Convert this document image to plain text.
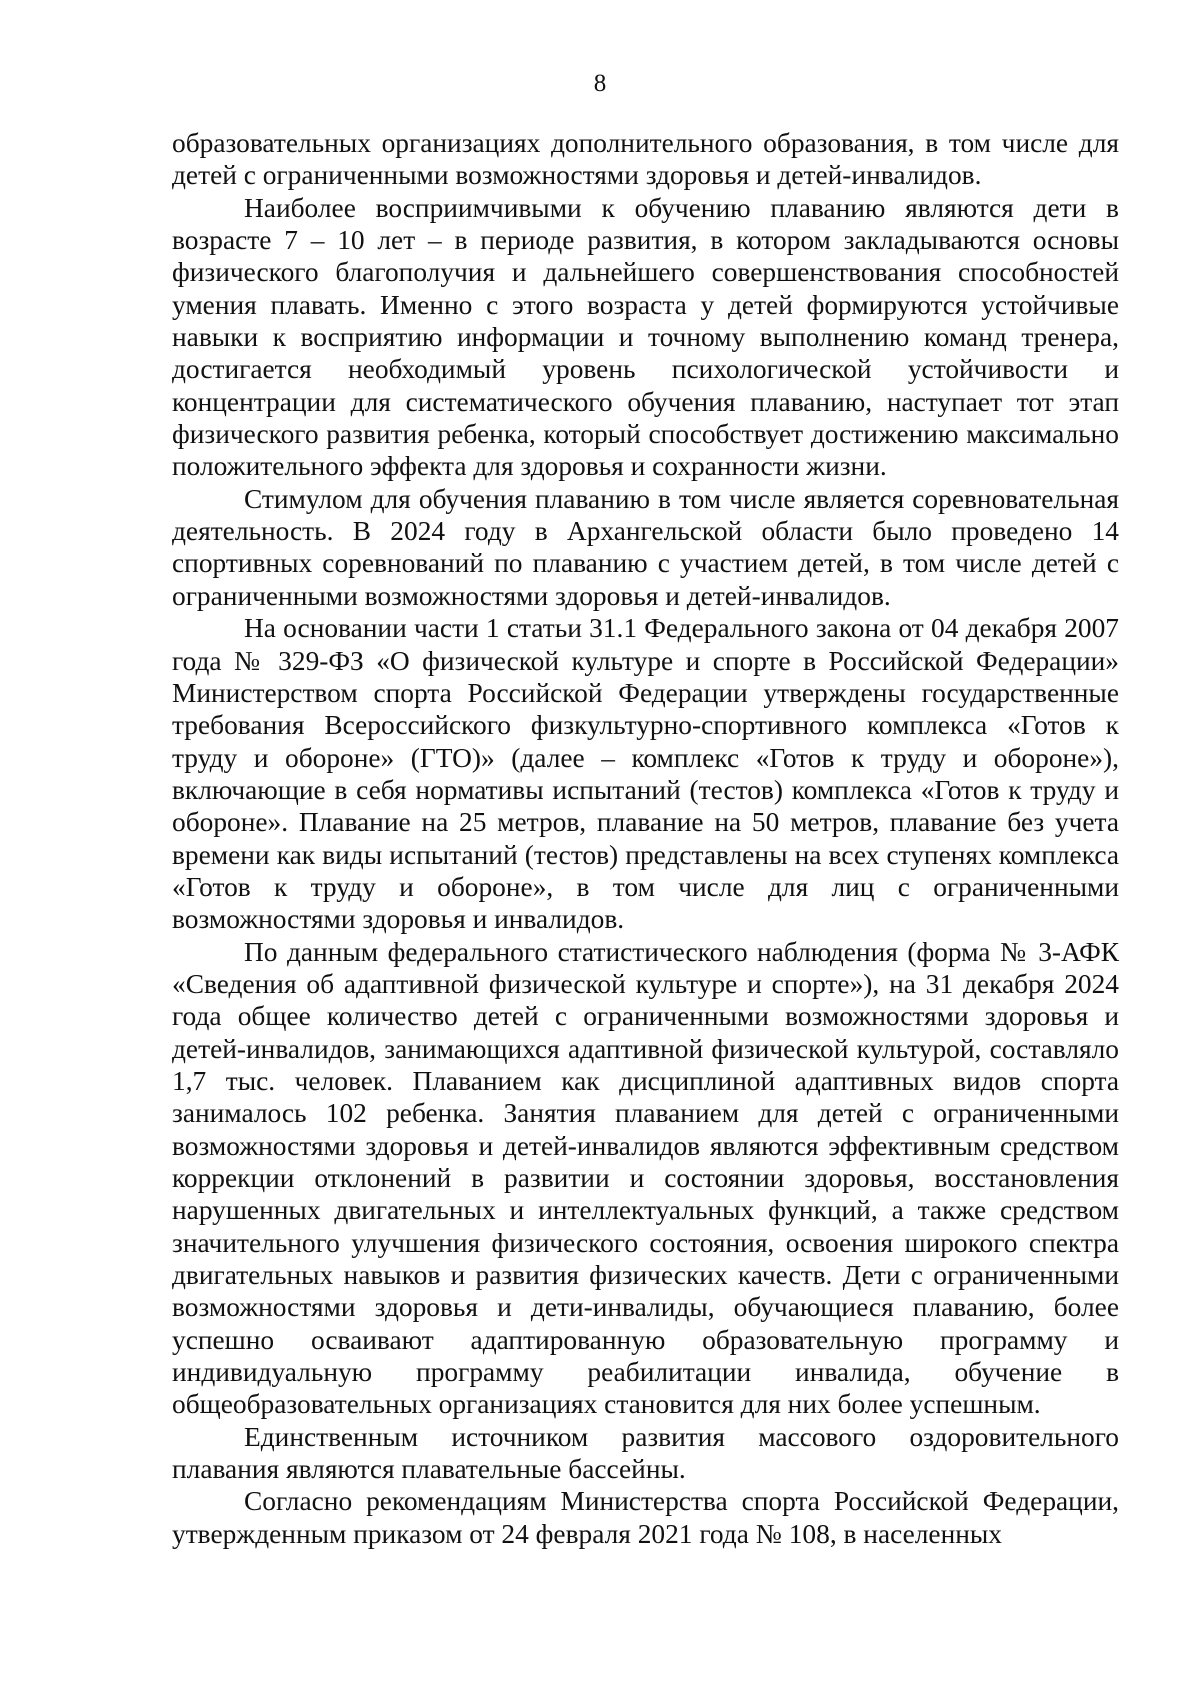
8

образовательных организациях дополнительного образования, в том числе для детей с ограниченными возможностями здоровья и детей-инвалидов.

Наиболее восприимчивыми к обучению плаванию являются дети в возрасте 7 – 10 лет – в периоде развития, в котором закладываются основы физического благополучия и дальнейшего совершенствования способностей умения плавать. Именно с этого возраста у детей формируются устойчивые навыки к восприятию информации и точному выполнению команд тренера, достигается необходимый уровень психологической устойчивости и концентрации для систематического обучения плаванию, наступает тот этап физического развития ребенка, который способствует достижению максимально положительного эффекта для здоровья и сохранности жизни.

Стимулом для обучения плаванию в том числе является соревновательная деятельность. В 2024 году в Архангельской области было проведено 14 спортивных соревнований по плаванию с участием детей, в том числе детей с ограниченными возможностями здоровья и детей-инвалидов.

На основании части 1 статьи 31.1 Федерального закона от 04 декабря 2007 года № 329-ФЗ «О физической культуре и спорте в Российской Федерации» Министерством спорта Российской Федерации утверждены государственные требования Всероссийского физкультурно-спортивного комплекса «Готов к труду и обороне» (ГТО)» (далее – комплекс «Готов к труду и обороне»), включающие в себя нормативы испытаний (тестов) комплекса «Готов к труду и обороне». Плавание на 25 метров, плавание на 50 метров, плавание без учета времени как виды испытаний (тестов) представлены на всех ступенях комплекса «Готов к труду и обороне», в том числе для лиц с ограниченными возможностями здоровья и инвалидов.

По данным федерального статистического наблюдения (форма № 3-АФК «Сведения об адаптивной физической культуре и спорте»), на 31 декабря 2024 года общее количество детей с ограниченными возможностями здоровья и детей-инвалидов, занимающихся адаптивной физической культурой, составляло 1,7 тыс. человек. Плаванием как дисциплиной адаптивных видов спорта занималось 102 ребенка. Занятия плаванием для детей с ограниченными возможностями здоровья и детей-инвалидов являются эффективным средством коррекции отклонений в развитии и состоянии здоровья, восстановления нарушенных двигательных и интеллектуальных функций, а также средством значительного улучшения физического состояния, освоения широкого спектра двигательных навыков и развития физических качеств. Дети с ограниченными возможностями здоровья и дети-инвалиды, обучающиеся плаванию, более успешно осваивают адаптированную образовательную программу и индивидуальную программу реабилитации инвалида, обучение в общеобразовательных организациях становится для них более успешным.

Единственным источником развития массового оздоровительного плавания являются плавательные бассейны.

Согласно рекомендациям Министерства спорта Российской Федерации, утвержденным приказом от 24 февраля 2021 года № 108, в населенных
